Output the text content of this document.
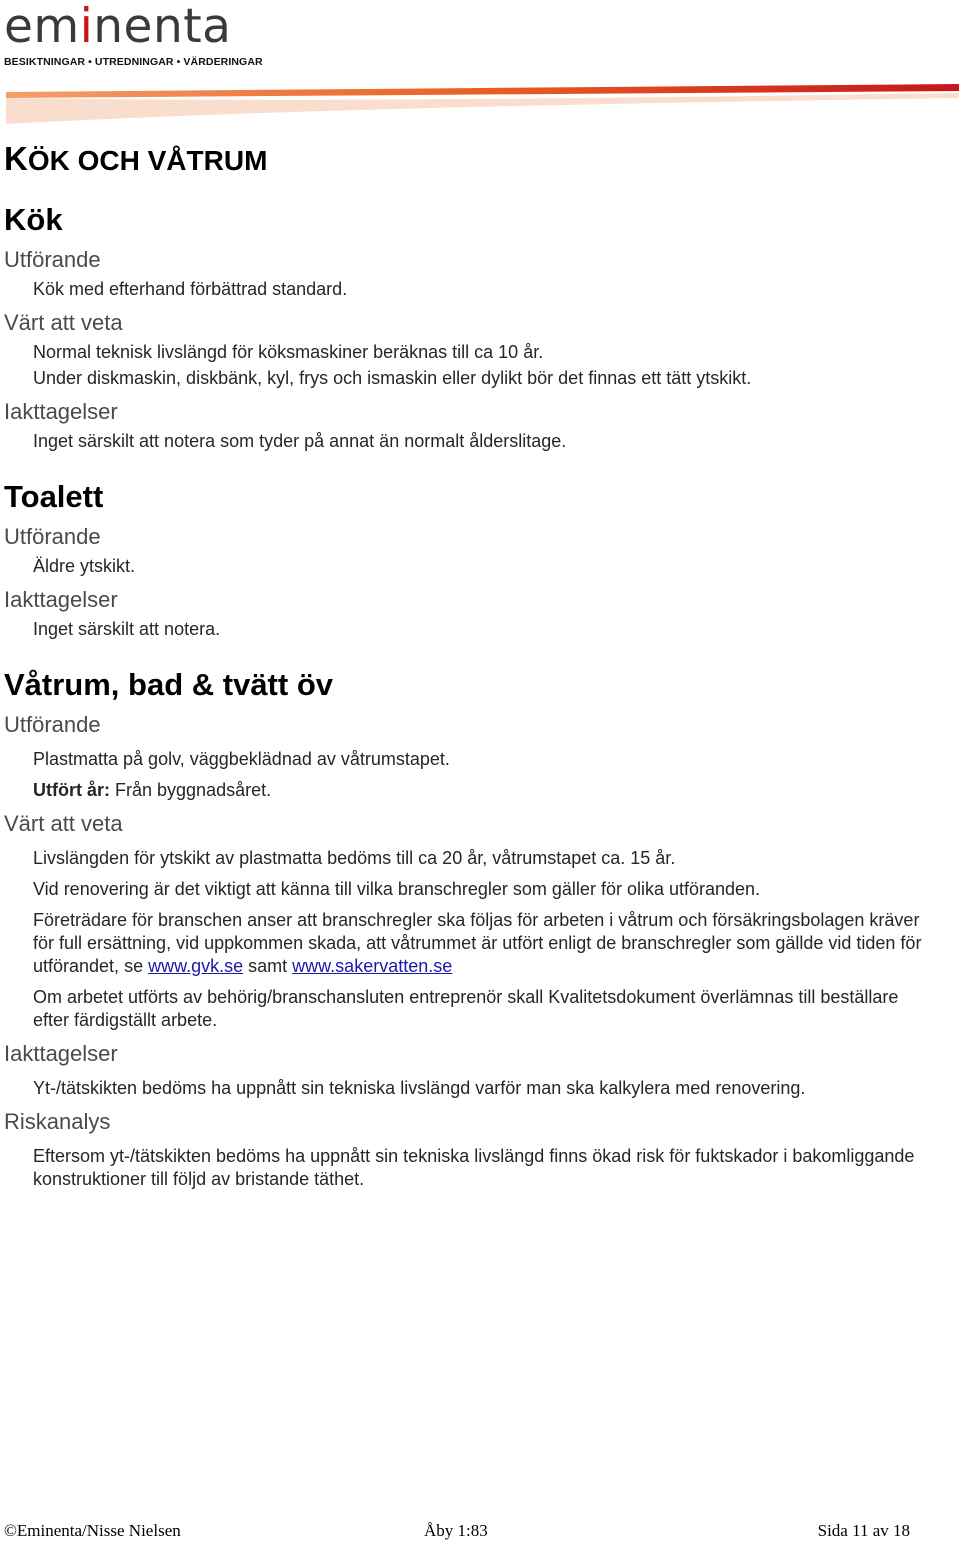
eminenta
BESIKTNINGAR • UTREDNINGAR • VÄRDERINGAR
KÖK OCH VÅTRUM
Kök
Utförande
Kök med efterhand förbättrad standard.
Värt att veta
Normal teknisk livslängd för köksmaskiner beräknas till ca 10 år.
Under diskmaskin, diskbänk, kyl, frys och ismaskin eller dylikt bör det finnas ett tätt ytskikt.
Iakttagelser
Inget särskilt att notera som tyder på annat än normalt ålderslitage.
Toalett
Utförande
Äldre ytskikt.
Iakttagelser
Inget särskilt att notera.
Våtrum, bad & tvätt öv
Utförande
Plastmatta på golv, väggbeklädnad av våtrumstapet.
Utfört år: Från byggnadsåret.
Värt att veta
Livslängden för ytskikt av plastmatta bedöms till ca 20 år, våtrumstapet ca. 15 år.
Vid renovering är det viktigt att känna till vilka branschregler som gäller för olika utföranden.
Företrädare för branschen anser att branschregler ska följas för arbeten i våtrum och försäkringsbolagen kräver för full ersättning, vid uppkommen skada, att våtrummet är utfört enligt de branschregler som gällde vid tiden för utförandet, se www.gvk.se samt www.sakervatten.se
Om arbetet utförts av behörig/branschansluten entreprenör skall Kvalitetsdokument överlämnas till beställare efter färdigställt arbete.
Iakttagelser
Yt-/tätskikten bedöms ha uppnått sin tekniska livslängd varför man ska kalkylera med renovering.
Riskanalys
Eftersom yt-/tätskikten bedöms ha uppnått sin tekniska livslängd finns ökad risk för fuktskador i bakomliggande konstruktioner till följd av bristande täthet.
©Eminenta/Nisse Nielsen	Åby 1:83	Sida 11 av 18
